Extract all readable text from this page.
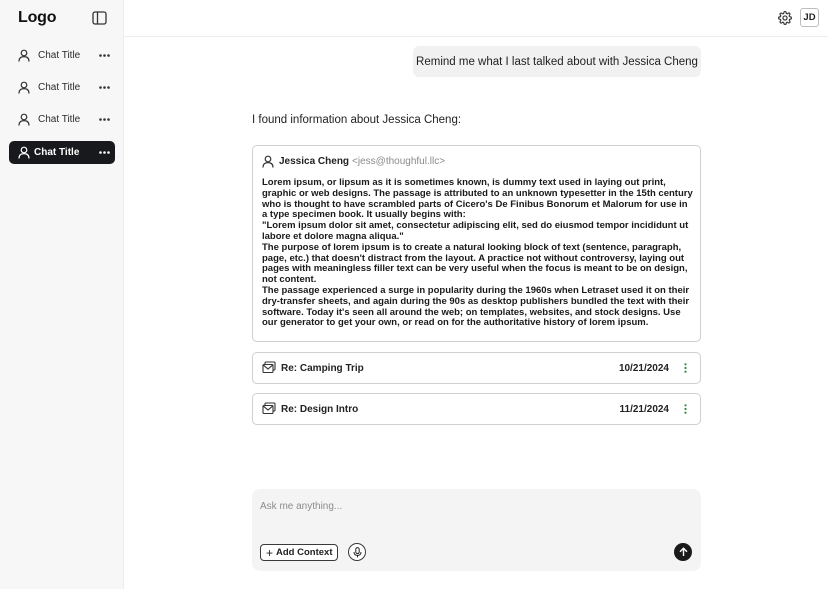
Logo
Chat Title
Chat Title
Chat Title
Chat Title
JD
Remind me what I last talked about with Jessica Cheng
I found information about Jessica Cheng:
Jessica Cheng <jess@thoughful.llc>
Lorem ipsum, or lipsum as it is sometimes known, is dummy text used in laying out print, graphic or web designs. The passage is attributed to an unknown typesetter in the 15th century who is thought to have scrambled parts of Cicero's De Finibus Bonorum et Malorum for use in a type specimen book. It usually begins with:
"Lorem ipsum dolor sit amet, consectetur adipiscing elit, sed do eiusmod tempor incididunt ut labore et dolore magna aliqua."
The purpose of lorem ipsum is to create a natural looking block of text (sentence, paragraph, page, etc.) that doesn't distract from the layout. A practice not without controversy, laying out pages with meaningless filler text can be very useful when the focus is meant to be on design, not content.
The passage experienced a surge in popularity during the 1960s when Letraset used it on their dry-transfer sheets, and again during the 90s as desktop publishers bundled the text with their software. Today it's seen all around the web; on templates, websites, and stock designs. Use our generator to get your own, or read on for the authoritative history of lorem ipsum.
Re: Camping Trip	10/21/2024
Re: Design Intro	11/21/2024
Ask me anything...
+ Add Context
